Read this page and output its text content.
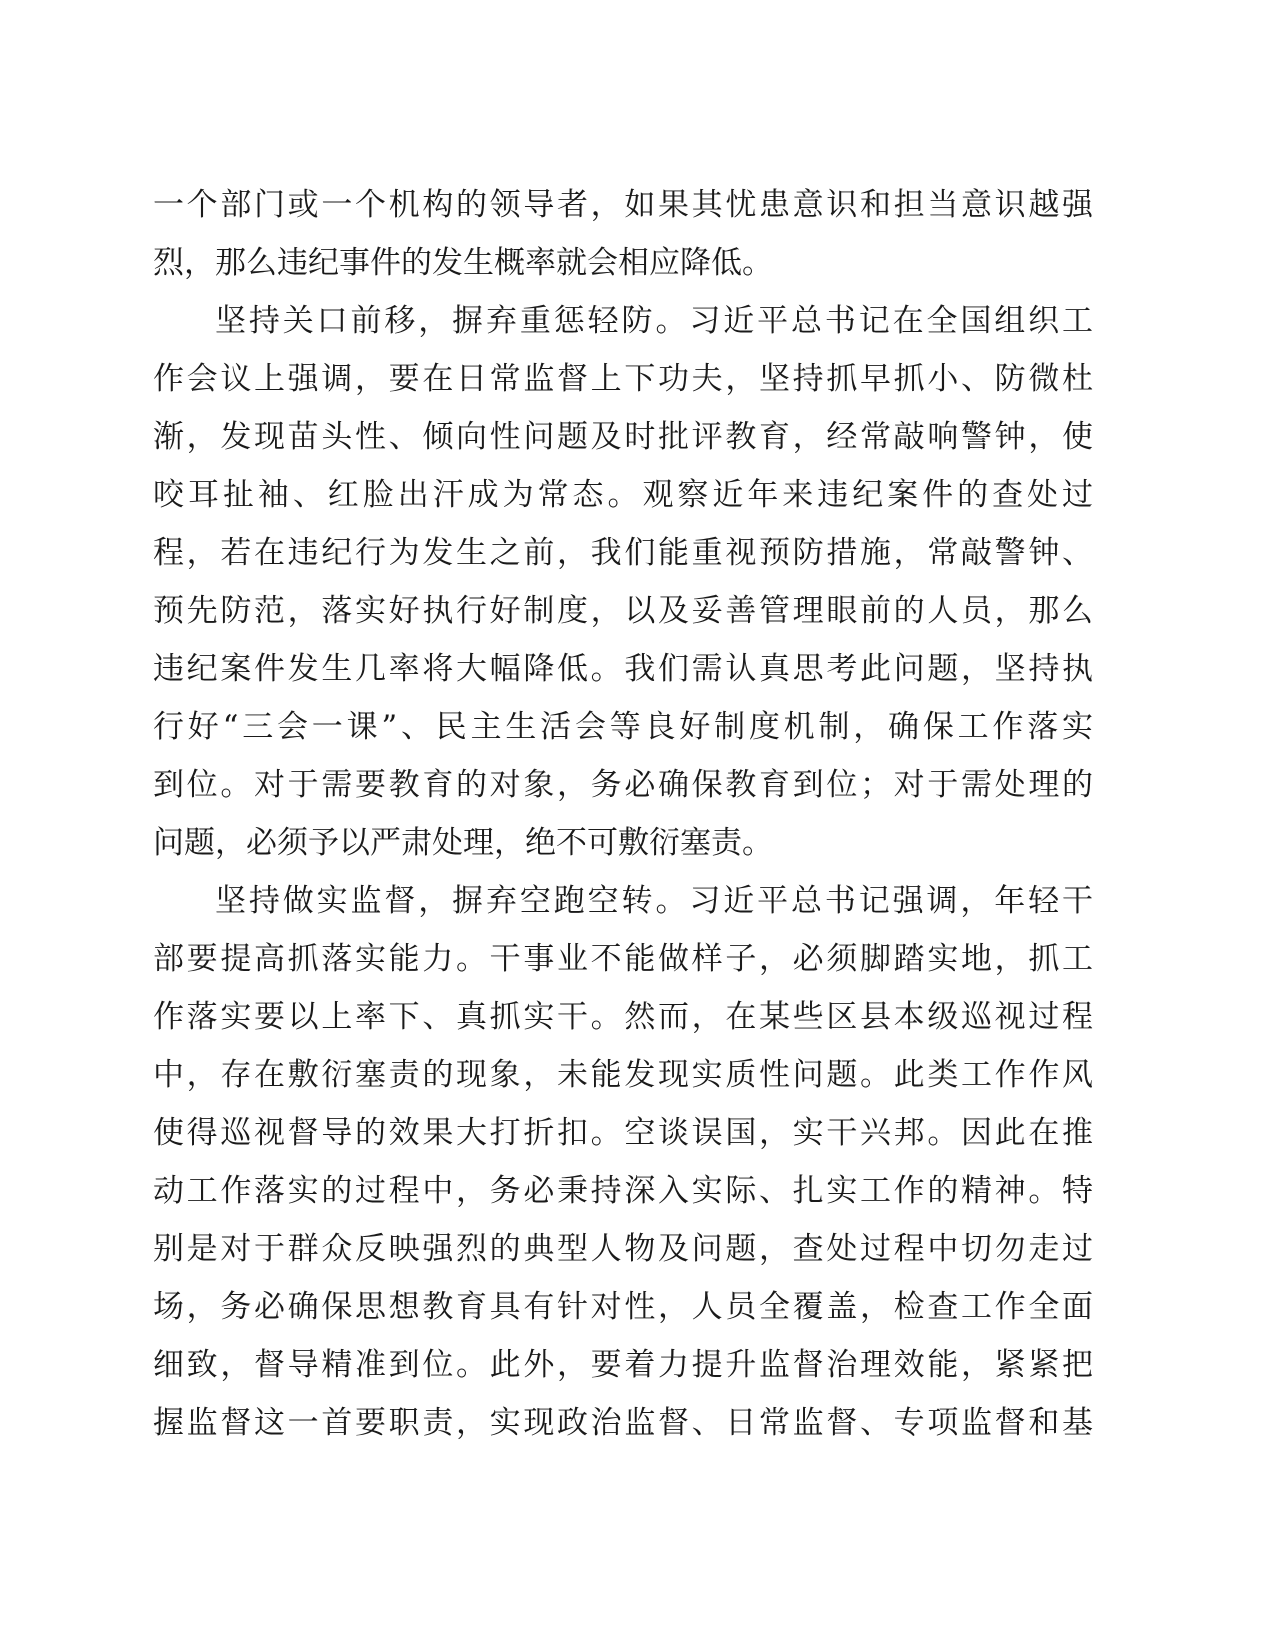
一个部门或一个机构的领导者，如果其忧患意识和担当意识越强
烈，那么违纪事件的发生概率就会相应降低。
坚持关口前移，摒弃重惩轻防。习近平总书记在全国组织工
作会议上强调，要在日常监督上下功夫，坚持抓早抓小、防微杜
渐，发现苗头性、倾向性问题及时批评教育，经常敲响警钟，使
咬耳扯袖、红脸出汗成为常态。观察近年来违纪案件的查处过
程，若在违纪行为发生之前，我们能重视预防措施，常敲警钟、
预先防范，落实好执行好制度，以及妥善管理眼前的人员，那么
违纪案件发生几率将大幅降低。我们需认真思考此问题，坚持执
行好“三会一课”、民主生活会等良好制度机制，确保工作落实
到位。对于需要教育的对象，务必确保教育到位；对于需处理的
问题，必须予以严肃处理，绝不可敷衍塞责。
坚持做实监督，摒弃空跑空转。习近平总书记强调，年轻干
部要提高抓落实能力。干事业不能做样子，必须脚踏实地，抓工
作落实要以上率下、真抓实干。然而，在某些区县本级巡视过程
中，存在敷衍塞责的现象，未能发现实质性问题。此类工作作风
使得巡视督导的效果大打折扣。空谈误国，实干兴邦。因此在推
动工作落实的过程中，务必秉持深入实际、扎实工作的精神。特
别是对于群众反映强烈的典型人物及问题，查处过程中切勿走过
场，务必确保思想教育具有针对性，人员全覆盖，检查工作全面
细致，督导精准到位。此外，要着力提升监督治理效能，紧紧把
握监督这一首要职责，实现政治监督、日常监督、专项监督和基
